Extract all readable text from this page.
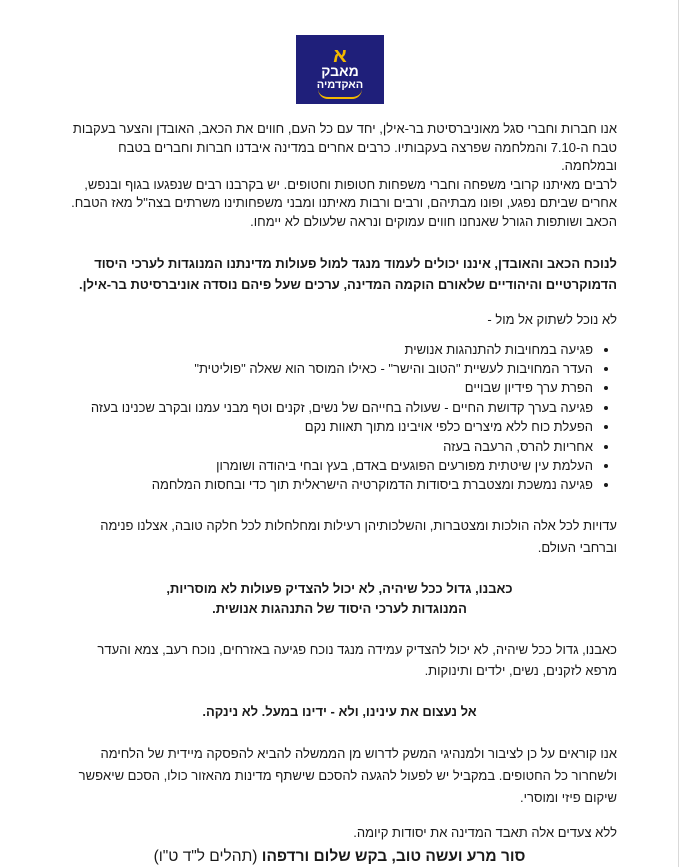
א
מאבק
האקדמיה

אנו חברות וחברי סגל מאוניברסיטת בר-אילן, יחד עם כל העם, חווים את הכאב, האובדן והצער בעקבות

טבח ה-7.10 והמלחמה שפרצה בעקבותיו. כרבים אחרים במדינה איבדנו חברות וחברים בטבח ובמלחמה.

לרבים מאיתנו קרובי משפחה וחברי משפחות חטופות וחטופים. יש בקרבנו רבים שנפגעו בגוף ובנפש,

אחרים שביתם נפגע, ופונו מבתיהם, ורבים ורבות מאיתנו ומבני משפחותינו משרתים בצה"ל מאז הטבח.

הכאב ושותפות הגורל שאנחנו חווים עמוקים ונראה שלעולם לא יימחו.

לנוכח הכאב והאובדן, איננו יכולים לעמוד מנגד למול פעולות מדינתנו המנוגדות לערכי היסוד

הדמוקרטיים והיהודיים שלאורם הוקמה המדינה, ערכים שעל פיהם נוסדה אוניברסיטת בר-אילן.

לא נוכל לשתוק אל מול -

• פגיעה במחויבות להתנהגות אנושית
• העדר המחויבות לעשיית "הטוב והישר" - כאילו המוסר הוא שאלה "פוליטית"
• הפרת ערך פידיון שבויים
• פגיעה בערך קדושת החיים - שעולה בחייהם של נשים, זקנים וטף מבני עמנו ובקרב שכנינו בעזה
• הפעלת כוח ללא מיצרים כלפי אויבינו מתוך תאוות נקם
• אחריות להרס, הרעבה בעזה
• העלמת עין שיטתית מפורעים הפוגעים באדם, בעץ ובחי ביהודה ושומרון
• פגיעה נמשכת ומצטברת ביסודות הדמוקרטיה הישראלית תוך כדי ובחסות המלחמה

עדויות לכל אלה הולכות ומצטברות, והשלכותיהן רעילות ומחלחלות לכל חלקה טובה, אצלנו פנימה

וברחבי העולם.

כאבנו, גדול ככל שיהיה, לא יכול להצדיק פעולות לא מוסריות,

המנוגדות לערכי היסוד של התנהגות אנושית.

כאבנו, גדול ככל שיהיה, לא יכול להצדיק עמידה מנגד נוכח פגיעה באזרחים, נוכח רעב, צמא והעדר

מרפא לזקנים, נשים, ילדים ותינוקות.

אל נעצום את עינינו, ולא - ידינו במעל. לא נינקה.

אנו קוראים על כן לציבור ולמנהיגי המשק לדרוש מן הממשלה להביא להפסקה מיידית של הלחימה

ולשחרור כל החטופים. במקביל יש לפעול להגעה להסכם שישתף מדינות מהאזור כולו, הסכם שיאפשר

שיקום פיזי ומוסרי.

ללא צעדים אלה תאבד המדינה את יסודות קיומה.

סור מרע ועשה טוב, בקש שלום ורדפהו (תהלים ל"ד ט"ו)
